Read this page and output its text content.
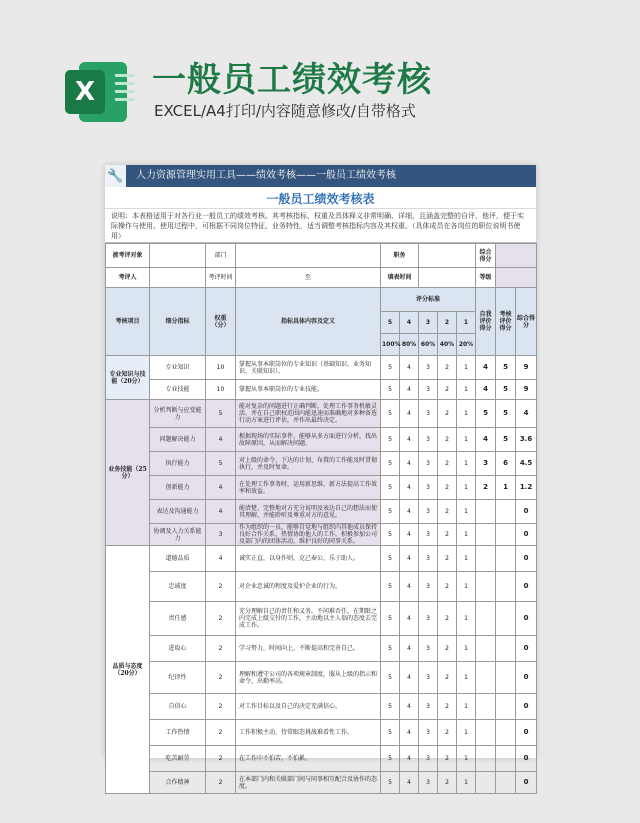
X 一般员工绩效考核
EXCEL/A4打印/内容随意修改/自带格式
🔧	人力资源管理实用工具——绩效考核——一般员工绩效考核
一般员工绩效考核表
说明：本表格适用于对各行业一般员工的绩效考核。其考核指标、权重及具体释义非常明确、详细，且涵盖完整的自评、他评，便于实际操作与使用。使用过程中，可根据不同岗位特征、业务特性，适当调整考核指标内容及其权重。（具体成员在各岗位的职位说明书使用）
被考评对象		部门		职务					综合得分		
考评人		考评时间	至	填表时间					等级		
考核项目	细分指标	权重（分）	指标具体内容及定义	评分标准					自我评价得分	考核评价得分	综合得分
				5	4	3	2	1			
				100%	80%	60%	40%	20%			
专业知识与技能（20分）	专业知识	10	掌握从事本职岗位的专业知识（基础知识、业务知识、关联知识）。	5	4	3	2	1	4	5	9
	专业技能	10	掌握从事本职岗位的专业技能。	5	4	3	2	1	4	5	9
业务技能（25分）	分析判断与应变能力	5	能对复杂的问题进行正确判断，处理工作事务机敏灵活，并在自己职权范围内能迅速而准确地对多种备选行动方案进行评估，并作出最终决定。	5	4	3	2	1	5	5	4
	问题解决能力	4	根据现场的实际事件，能够从多方面进行分析，找出故障原因，从而解决问题。	5	4	3	2	1	4	5	3.6
	执行能力	5	对上级的命令、下达的计划、布置的工作能及时贯彻执行，并及时复命。	5	4	3	2	1	3	6	4.5
	创新能力	4	在处理工作事务时，运用新思维、新方法提高工作效率和效益。	5	4	3	2	1	2	1	1.2
	表达及沟通能力	4	能清楚、完整地对方充分说明及表达自己的想法而使其理解，并能聆听及尊重对方的意见。	5	4	3	2	1			0
	协调及人力关系能力	3	作为组织的一员，能够自觉地与组织内其他成员保持良好合作关系，热情协助他人的工作，积极参加公司及部门内的团体活动，维护良好的同事关系。	5	4	3	2	1			0
品质与态度（20分）	道德品质	4	诚实正直，以身作则，克己奉公，乐于助人。	5	4	3	2	1			0
	忠诚度	2	对企业忠诚的程度及爱护企业的行为。	5	4	3	2	1			0
	责任感	2	充分理解自己的责任和义务，不问难否任，在期限之内完成上级交付的工作，主动地以主人翁的态度去完成工作。	5	4	3	2	1			0
	进取心	2	学习努力，时间向上，不断提高和完善自己。	5	4	3	2	1			0
	纪律性	2	理解和遵守公司的各项规章制度，服从上级的指示和命令，出勤率高。	5	4	3	2	1			0
	自信心	2	对工作目标以及自己的决定充满信心。	5	4	3	2	1			0
	工作热情	2	工作积极主动，待常眼态挑战难看性工作。	5	4	3	2	1			0
	吃苦耐劳	2	在工作中不怕苦，不怕累。	5	4	3	2	1			0
	合作精神	2	在本部门内和关联部门间与同事相互配合及协作的态度。	5	4	3	2	1			0
